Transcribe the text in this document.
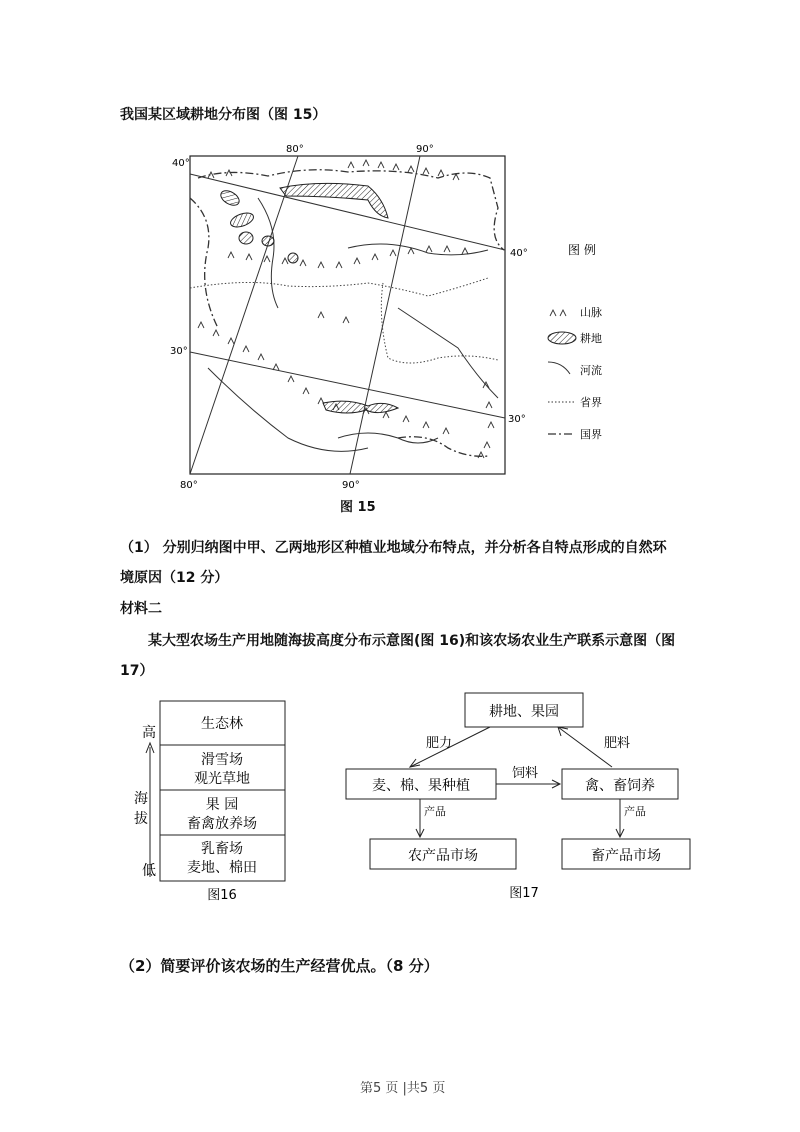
我国某区域耕地分布图（图 15）
40°
40°
30°
30°
80°	90°
80°	90°
图 例
山脉
耕地
河流
省界
国界
图 15
（1） 分别归纳图中甲、乙两地形区种植业地域分布特点，并分析各自特点形成的自然环
境原因（12 分）
材料二
某大型农场生产用地随海拔高度分布示意图(图 16)和该农场农业生产联系示意图（图
17）
高
海
拔
低
生态林
滑雪场
观光草地
果 园
畜禽放养场
乳畜场
麦地、棉田
图16
耕地、果园
麦、棉、果种植	禽、畜饲养
农产品市场	畜产品市场
肥力	肥料
饲料
产品	产品
图17
（2）简要评价该农场的生产经营优点。（8 分）
第5 页 |共5 页
